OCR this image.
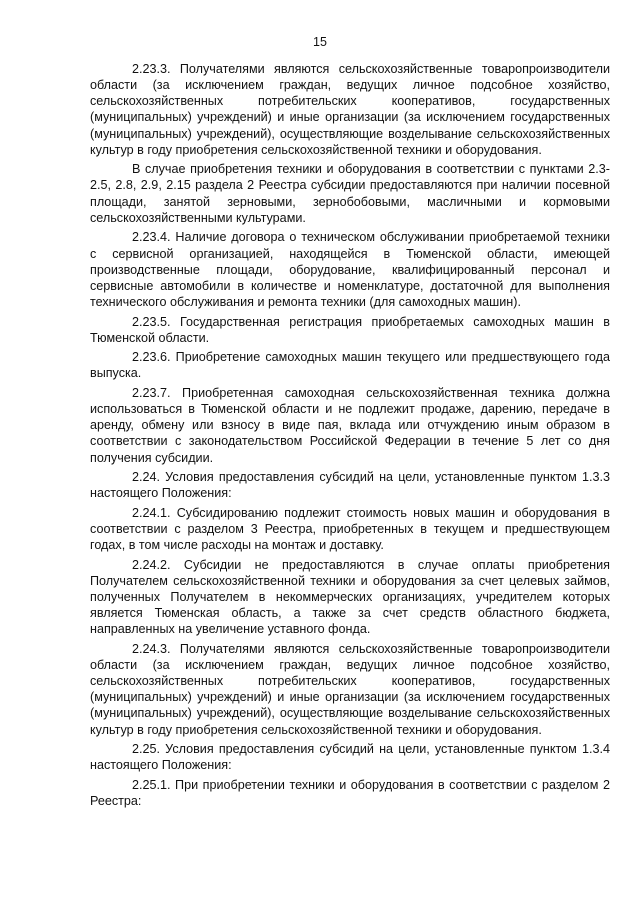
15

2.23.3. Получателями являются сельскохозяйственные товаропроизводители области (за исключением граждан, ведущих личное подсобное хозяйство, сельскохозяйственных потребительских кооперативов, государственных (муниципальных) учреждений) и иные организации (за исключением государственных (муниципальных) учреждений), осуществляющие возделывание сельскохозяйственных культур в году приобретения сельскохозяйственной техники и оборудования.

В случае приобретения техники и оборудования в соответствии с пунктами 2.3-2.5, 2.8, 2.9, 2.15 раздела 2 Реестра субсидии предоставляются при наличии посевной площади, занятой зерновыми, зернобобовыми, масличными и кормовыми сельскохозяйственными культурами.

2.23.4. Наличие договора о техническом обслуживании приобретаемой техники с сервисной организацией, находящейся в Тюменской области, имеющей производственные площади, оборудование, квалифицированный персонал и сервисные автомобили в количестве и номенклатуре, достаточной для выполнения технического обслуживания и ремонта техники (для самоходных машин).

2.23.5. Государственная регистрация приобретаемых самоходных машин в Тюменской области.

2.23.6. Приобретение самоходных машин текущего или предшествующего года выпуска.

2.23.7. Приобретенная самоходная сельскохозяйственная техника должна использоваться в Тюменской области и не подлежит продаже, дарению, передаче в аренду, обмену или взносу в виде пая, вклада или отчуждению иным образом в соответствии с законодательством Российской Федерации в течение 5 лет со дня получения субсидии.

2.24. Условия предоставления субсидий на цели, установленные пунктом 1.3.3 настоящего Положения:

2.24.1. Субсидированию подлежит стоимость новых машин и оборудования в соответствии с разделом 3 Реестра, приобретенных в текущем и предшествующем годах, в том числе расходы на монтаж и доставку.

2.24.2. Субсидии не предоставляются в случае оплаты приобретения Получателем сельскохозяйственной техники и оборудования за счет целевых займов, полученных Получателем в некоммерческих организациях, учредителем которых является Тюменская область, а также за счет средств областного бюджета, направленных на увеличение уставного фонда.

2.24.3. Получателями являются сельскохозяйственные товаропроизводители области (за исключением граждан, ведущих личное подсобное хозяйство, сельскохозяйственных потребительских кооперативов, государственных (муниципальных) учреждений) и иные организации (за исключением государственных (муниципальных) учреждений), осуществляющие возделывание сельскохозяйственных культур в году приобретения сельскохозяйственной техники и оборудования.

2.25. Условия предоставления субсидий на цели, установленные пунктом 1.3.4 настоящего Положения:

2.25.1. При приобретении техники и оборудования в соответствии с разделом 2 Реестра:
